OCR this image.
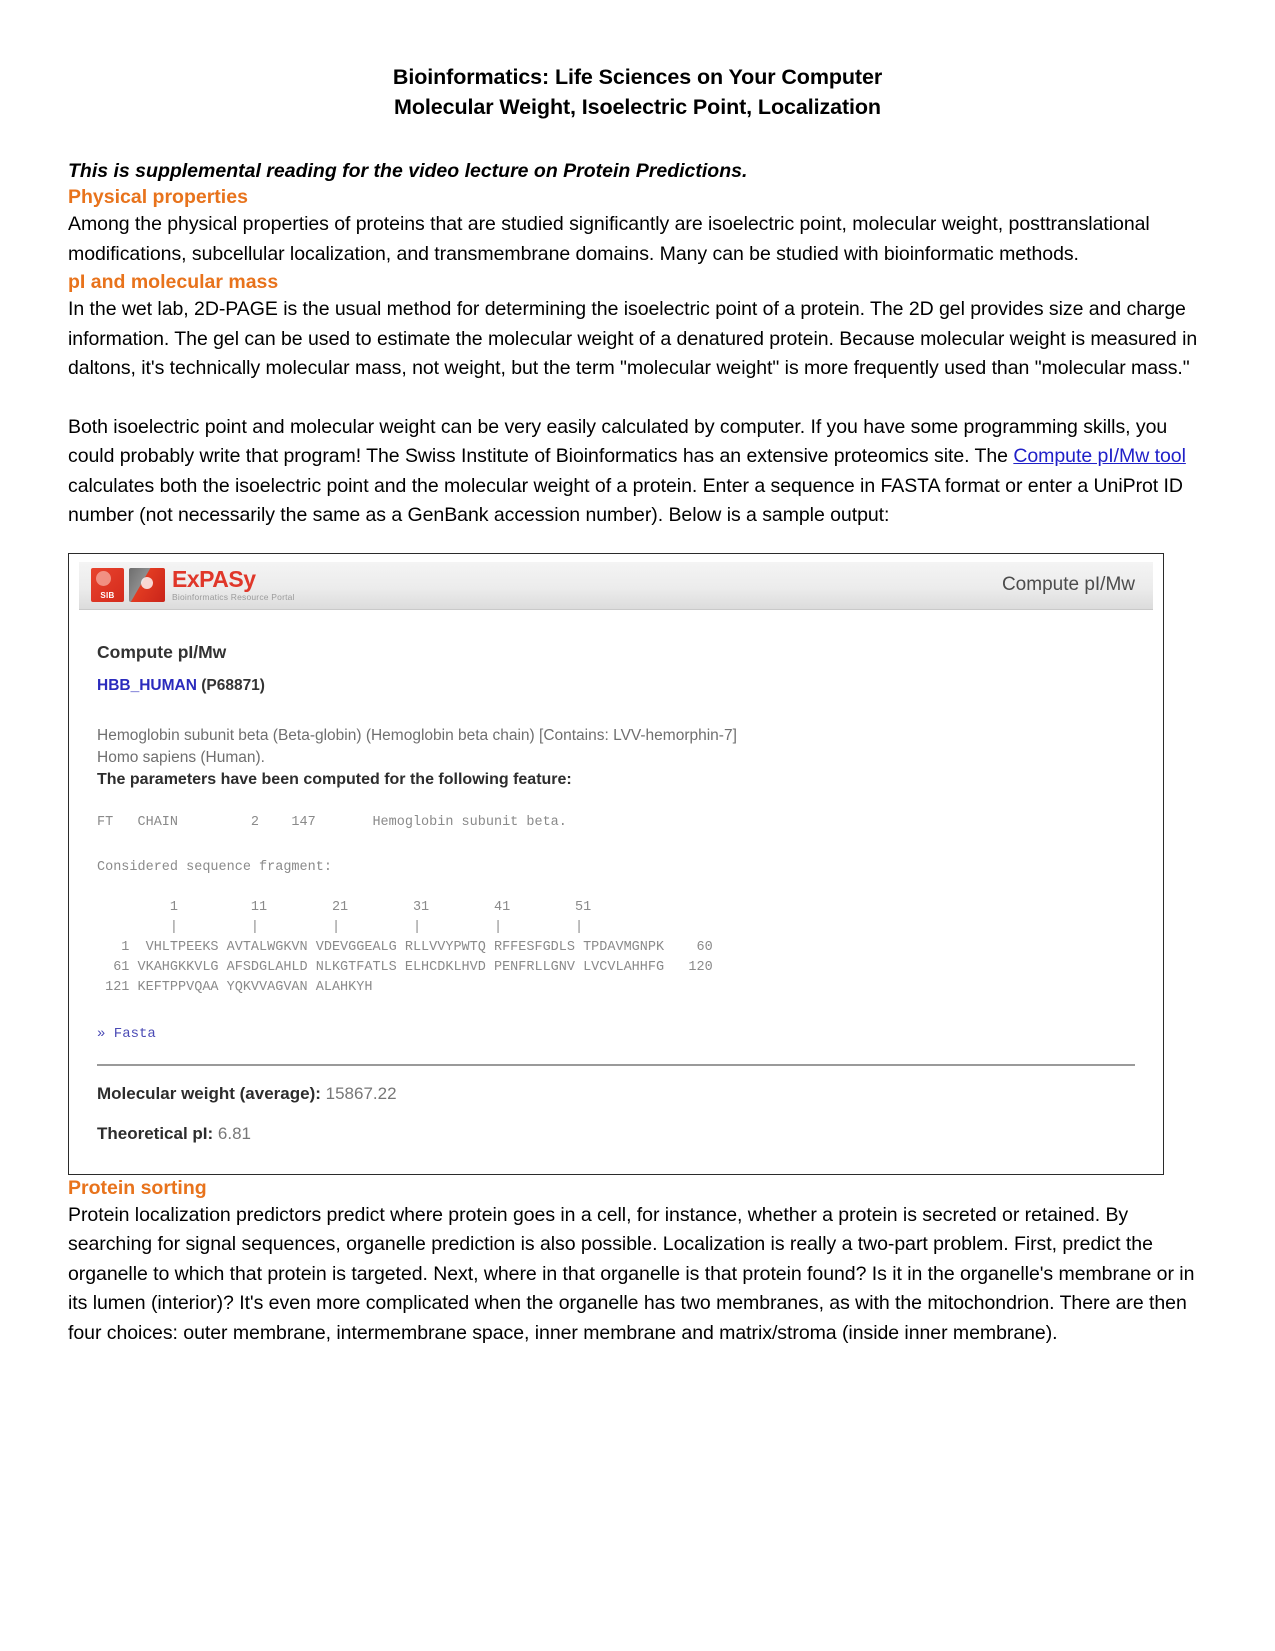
Bioinformatics: Life Sciences on Your Computer
Molecular Weight, Isoelectric Point, Localization
This is supplemental reading for the video lecture on Protein Predictions.
Physical properties

Among the physical properties of proteins that are studied significantly are isoelectric point, molecular weight, posttranslational modifications, subcellular localization, and transmembrane domains. Many can be studied with bioinformatic methods.

pI and molecular mass

In the wet lab, 2D-PAGE is the usual method for determining the isoelectric point of a protein. The 2D gel provides size and charge information. The gel can be used to estimate the molecular weight of a denatured protein. Because molecular weight is measured in daltons, it's technically molecular mass, not weight, but the term "molecular weight" is more frequently used than "molecular mass."

Both isoelectric point and molecular weight can be very easily calculated by computer. If you have some programming skills, you could probably write that program! The Swiss Institute of Bioinformatics has an extensive proteomics site. The Compute pI/Mw tool calculates both the isoelectric point and the molecular weight of a protein. Enter a sequence in FASTA format or enter a UniProt ID number (not necessarily the same as a GenBank accession number). Below is a sample output:

SIB
ExPASy
Bioinformatics Resource Portal
Compute pI/Mw
Compute pI/Mw
HBB_HUMAN (P68871)
Hemoglobin subunit beta (Beta-globin) (Hemoglobin beta chain) [Contains: LVV-hemorphin-7]
Homo sapiens (Human).
The parameters have been computed for the following feature:
FT   CHAIN         2    147       Hemoglobin subunit beta.
Considered sequence fragment:
1         11        21        31        41        51
|         |         |         |         |         |
1  VHLTPEEKS AVTALWGKVN VDEVGGEALG RLLVVYPWTQ RFFESFGDLS TPDAVMGNPK    60
61 VKAHGKKVLG AFSDGLAHLD NLKGTFATLS ELHCDKLHVD PENFRLLGNV LVCVLAHHFG   120
121 KEFTPPVQAA YQKVVAGVAN ALAHKYH
» Fasta
Molecular weight (average): 15867.22
Theoretical pI: 6.81
Protein sorting

Protein localization predictors predict where protein goes in a cell, for instance, whether a protein is secreted or retained. By searching for signal sequences, organelle prediction is also possible. Localization is really a two-part problem. First, predict the organelle to which that protein is targeted. Next, where in that organelle is that protein found? Is it in the organelle's membrane or in its lumen (interior)? It's even more complicated when the organelle has two membranes, as with the mitochondrion. There are then four choices: outer membrane, intermembrane space, inner membrane and matrix/stroma (inside inner membrane).
